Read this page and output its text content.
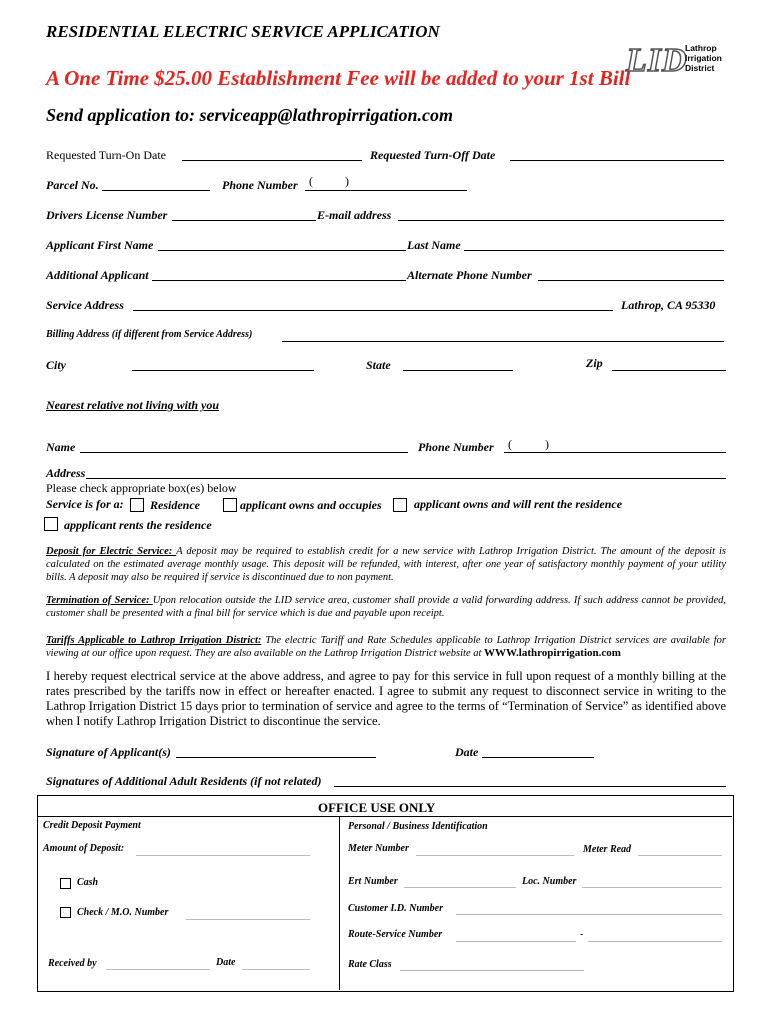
RESIDENTIAL ELECTRIC SERVICE APPLICATION
A One Time $25.00 Establishment Fee will be added to your 1st Bill
Send application to: serviceapp@lathropirrigation.com
LID
Lathrop
Irrigation
District
Requested Turn-On Date	Requested Turn-Off Date
Parcel No.	Phone Number (	)
Drivers License Number	E-mail address
Applicant First Name	Last Name
Additional Applicant	Alternate Phone Number
Service Address	Lathrop, CA 95330
Billing Address (if different from Service Address)
City	State	Zip
Nearest relative not living with you
Name	Phone Number (	)
Address
Please check appropriate box(es) below
Service is for a: Residence	applicant owns and occupies	applicant owns and will rent the residence
appplicant rents the residence
Deposit for Electric Service: A deposit may be required to establish credit for a new service with Lathrop Irrigation District. The amount of the deposit is calculated on the estimated average monthly usage. This deposit will be refunded, with interest, after one year of satisfactory monthly payment of your utility bills. A deposit may also be required if service is discontinued due to non payment.
Termination of Service: Upon relocation outside the LID service area, customer shall provide a valid forwarding address. If such address cannot be provided, customer shall be presented with a final bill for service which is due and payable upon receipt.
Tariffs Applicable to Lathrop Irrigation District: The electric Tariff and Rate Schedules applicable to Lathrop Irrigation District services are available for viewing at our office upon request. They are also available on the Lathrop Irrigation District website at WWW.lathropirrigation.com
I hereby request electrical service at the above address, and agree to pay for this service in full upon request of a monthly billing at the rates prescribed by the tariffs now in effect or hereafter enacted. I agree to submit any request to disconnect service in writing to the Lathrop Irrigation District 15 days prior to termination of service and agree to the terms of “Termination of Service” as identified above when I notify Lathrop Irrigation District to discontinue the service.
Signature of Applicant(s)	Date
Signatures of Additional Adult Residents (if not related)
OFFICE USE ONLY
Credit Deposit Payment
Amount of Deposit:
Cash
Check / M.O. Number
Received by	Date
Personal / Business Identification
Meter Number	Meter Read
Ert Number	Loc. Number
Customer I.D. Number
Route-Service Number	-
Rate Class
